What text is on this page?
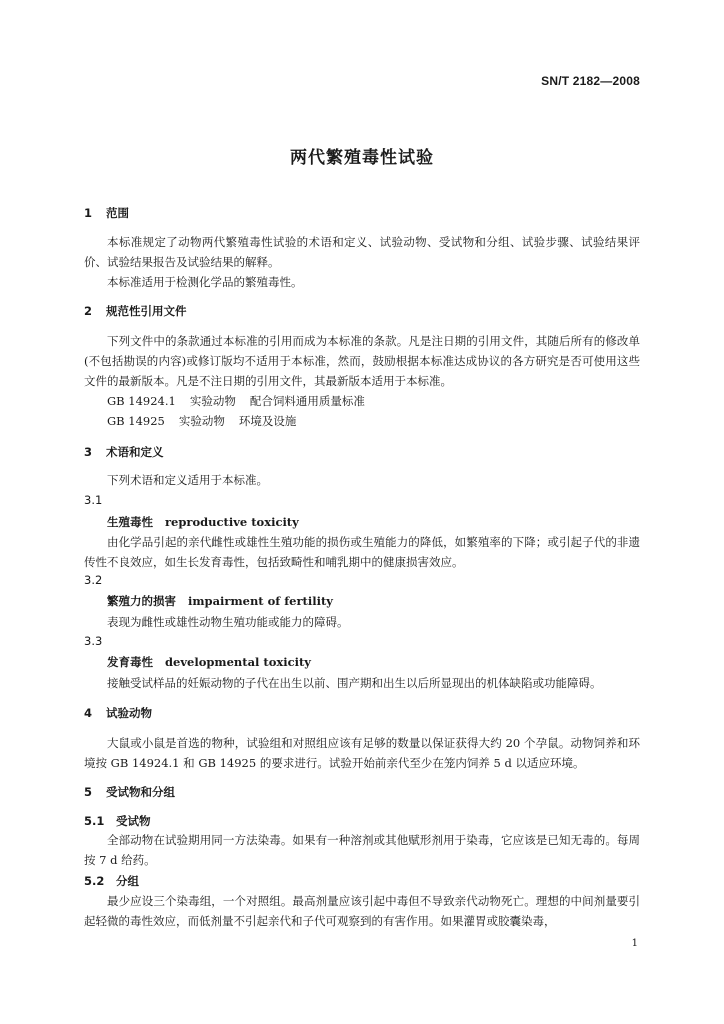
SN/T 2182—2008
两代繁殖毒性试验
1 范围
本标准规定了动物两代繁殖毒性试验的术语和定义、试验动物、受试物和分组、试验步骤、试验结果评价、试验结果报告及试验结果的解释。
本标准适用于检测化学品的繁殖毒性。
2 规范性引用文件
下列文件中的条款通过本标准的引用而成为本标准的条款。凡是注日期的引用文件，其随后所有的修改单(不包括勘误的内容)或修订版均不适用于本标准，然而，鼓励根据本标准达成协议的各方研究是否可使用这些文件的最新版本。凡是不注日期的引用文件，其最新版本适用于本标准。
GB 14924.1 实验动物 配合饲料通用质量标准
GB 14925 实验动物 环境及设施
3 术语和定义
下列术语和定义适用于本标准。
3.1
生殖毒性 reproductive toxicity
由化学品引起的亲代雌性或雄性生殖功能的损伤或生殖能力的降低，如繁殖率的下降；或引起子代的非遗传性不良效应，如生长发育毒性，包括致畸性和哺乳期中的健康损害效应。
3.2
繁殖力的损害 impairment of fertility
表现为雌性或雄性动物生殖功能或能力的障碍。
3.3
发育毒性 developmental toxicity
接触受试样品的妊娠动物的子代在出生以前、围产期和出生以后所显现出的机体缺陷或功能障碍。
4 试验动物
大鼠或小鼠是首选的物种，试验组和对照组应该有足够的数量以保证获得大约 20 个孕鼠。动物饲养和环境按 GB 14924.1 和 GB 14925 的要求进行。试验开始前亲代至少在笼内饲养 5 d 以适应环境。
5 受试物和分组
5.1 受试物
全部动物在试验期用同一方法染毒。如果有一种溶剂或其他赋形剂用于染毒，它应该是已知无毒的。每周按 7 d 给药。
5.2 分组
最少应设三个染毒组，一个对照组。最高剂量应该引起中毒但不导致亲代动物死亡。理想的中间剂量要引起轻微的毒性效应，而低剂量不引起亲代和子代可观察到的有害作用。如果灌胃或胶囊染毒，
1
